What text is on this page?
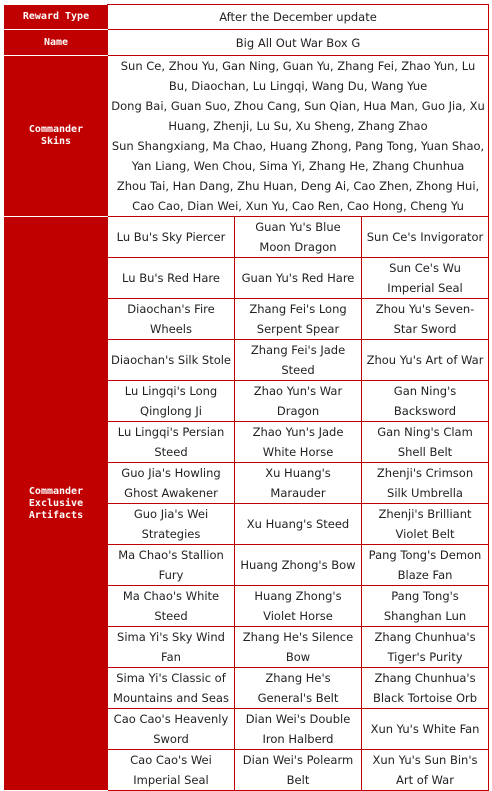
Reward Type	After the December update		
Name	Big All Out War Box G		

Commander
Skins	Sun Ce, Zhou Yu, Gan Ning, Guan Yu, Zhang Fei, Zhao Yun, Lu Bu, Diaochan, Lu Lingqi, Wang Du, Wang Yue
Dong Bai, Guan Suo, Zhou Cang, Sun Qian, Hua Man, Guo Jia, Xu Huang, Zhenji, Lu Su, Xu Sheng, Zhang Zhao
Sun Shangxiang, Ma Chao, Huang Zhong, Pang Tong, Yuan Shao, Yan Liang, Wen Chou, Sima Yi, Zhang He, Zhang Chunhua
Zhou Tai, Han Dang, Zhu Huan, Deng Ai, Cao Zhen, Zhong Hui, Cao Cao, Dian Wei, Xun Yu, Cao Ren, Cao Hong, Cheng Yu		

Commander
Exclusive
Artifacts	Lu Bu's Sky Piercer	Guan Yu's Blue Moon Dragon	Sun Ce's Invigorator
	Lu Bu's Red Hare	Guan Yu's Red Hare	Sun Ce's Wu Imperial Seal
	Diaochan's Fire Wheels	Zhang Fei's Long Serpent Spear	Zhou Yu's Seven-Star Sword
	Diaochan's Silk Stole	Zhang Fei's Jade Steed	Zhou Yu's Art of War
	Lu Lingqi's Long Qinglong Ji	Zhao Yun's War Dragon	Gan Ning's Backsword
	Lu Lingqi's Persian Steed	Zhao Yun's Jade White Horse	Gan Ning's Clam Shell Belt
	Guo Jia's Howling Ghost Awakener	Xu Huang's Marauder	Zhenji's Crimson Silk Umbrella
	Guo Jia's Wei Strategies	Xu Huang's Steed	Zhenji's Brilliant Violet Belt
	Ma Chao's Stallion Fury	Huang Zhong's Bow	Pang Tong's Demon Blaze Fan
	Ma Chao's White Steed	Huang Zhong's Violet Horse	Pang Tong's Shanghan Lun
	Sima Yi's Sky Wind Fan	Zhang He's Silence Bow	Zhang Chunhua's Tiger's Purity
	Sima Yi's Classic of Mountains and Seas	Zhang He's General's Belt	Zhang Chunhua's Black Tortoise Orb
	Cao Cao's Heavenly Sword	Dian Wei's Double Iron Halberd	Xun Yu's White Fan
	Cao Cao's Wei Imperial Seal	Dian Wei's Polearm Belt	Xun Yu's Sun Bin's Art of War
